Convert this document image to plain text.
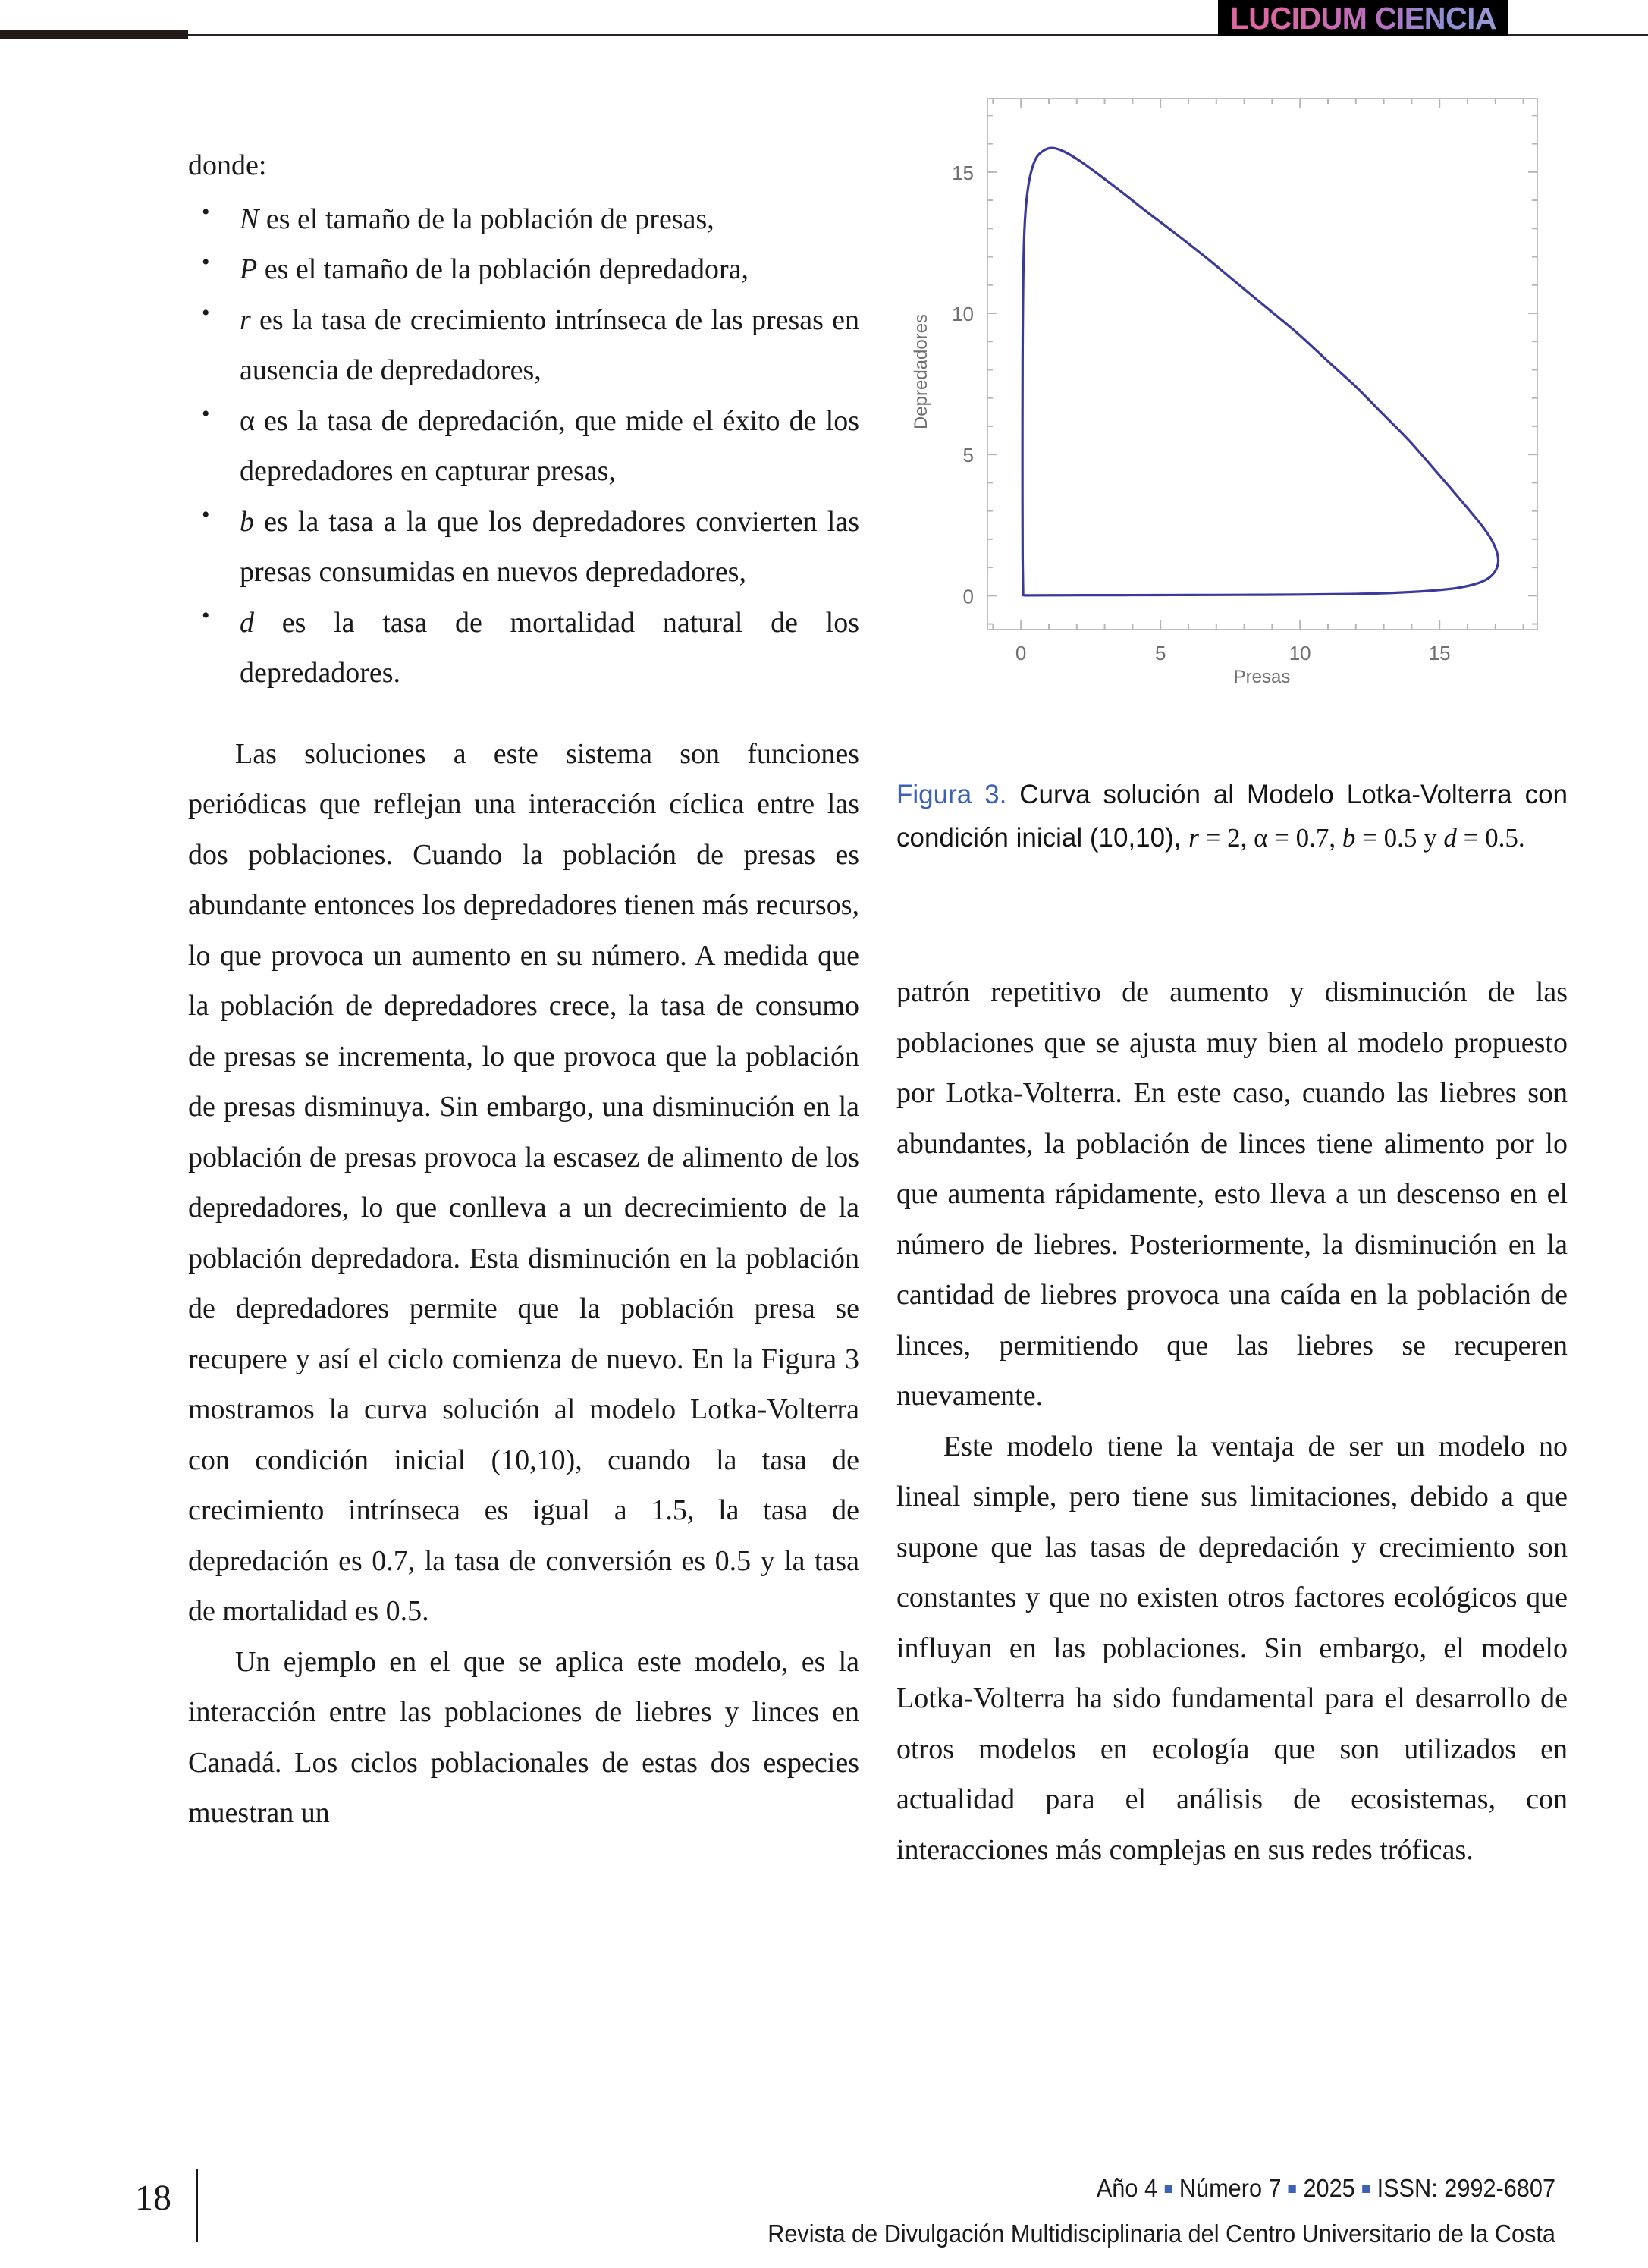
LUCIDUM CIENCIA

donde:

• N es el tamaño de la población de presas,
• P es el tamaño de la población depredadora,
• r es la tasa de crecimiento intrínseca de las presas en ausencia de depredadores,
• α es la tasa de depredación, que mide el éxito de los depredadores en capturar presas,
• b es la tasa a la que los depredadores convierten las presas consumidas en nuevos depredadores,
• d es la tasa de mortalidad natural de los depredadores.

Las soluciones a este sistema son funciones periódicas que reflejan una interacción cíclica entre las dos poblaciones. Cuando la población de presas es abundante entonces los depredadores tienen más recursos, lo que provoca un aumento en su número. A medida que la población de depredadores crece, la tasa de consumo de presas se incrementa, lo que provoca que la población de presas disminuya. Sin embargo, una disminución en la población de presas provoca la escasez de alimento de los depredadores, lo que conlleva a un decrecimiento de la población depredadora. Esta disminución en la población de depredadores permite que la población presa se recupere y así el ciclo comienza de nuevo. En la Figura 3 mostramos la curva solución al modelo Lotka-Volterra con condición inicial (10,10), cuando la tasa de crecimiento intrínseca es igual a 1.5, la tasa de depredación es 0.7, la tasa de conversión es 0.5 y la tasa de mortalidad es 0.5.

Un ejemplo en el que se aplica este modelo, es la interacción entre las poblaciones de liebres y linces en Canadá. Los ciclos poblacionales de estas dos especies muestran un

0	5	10	15
0
5
10
15
Presas
Depredadores
Figura 3. Curva solución al Modelo Lotka-Volterra con condición inicial (10,10), r = 2, α = 0.7, b = 0.5 y d = 0.5.

patrón repetitivo de aumento y disminución de las poblaciones que se ajusta muy bien al modelo propuesto por Lotka-Volterra. En este caso, cuando las liebres son abundantes, la población de linces tiene alimento por lo que aumenta rápidamente, esto lleva a un descenso en el número de liebres. Posteriormente, la disminución en la cantidad de liebres provoca una caída en la población de linces, permitiendo que las liebres se recuperen nuevamente.

Este modelo tiene la ventaja de ser un modelo no lineal simple, pero tiene sus limitaciones, debido a que supone que las tasas de depredación y crecimiento son constantes y que no existen otros factores ecológicos que influyan en las poblaciones. Sin embargo, el modelo Lotka-Volterra ha sido fundamental para el desarrollo de otros modelos en ecología que son utilizados en actualidad para el análisis de ecosistemas, con interacciones más complejas en sus redes tróficas.

18	Año 4 Número 7 2025 ISSN: 2992-6807
Revista de Divulgación Multidisciplinaria del Centro Universitario de la Costa
